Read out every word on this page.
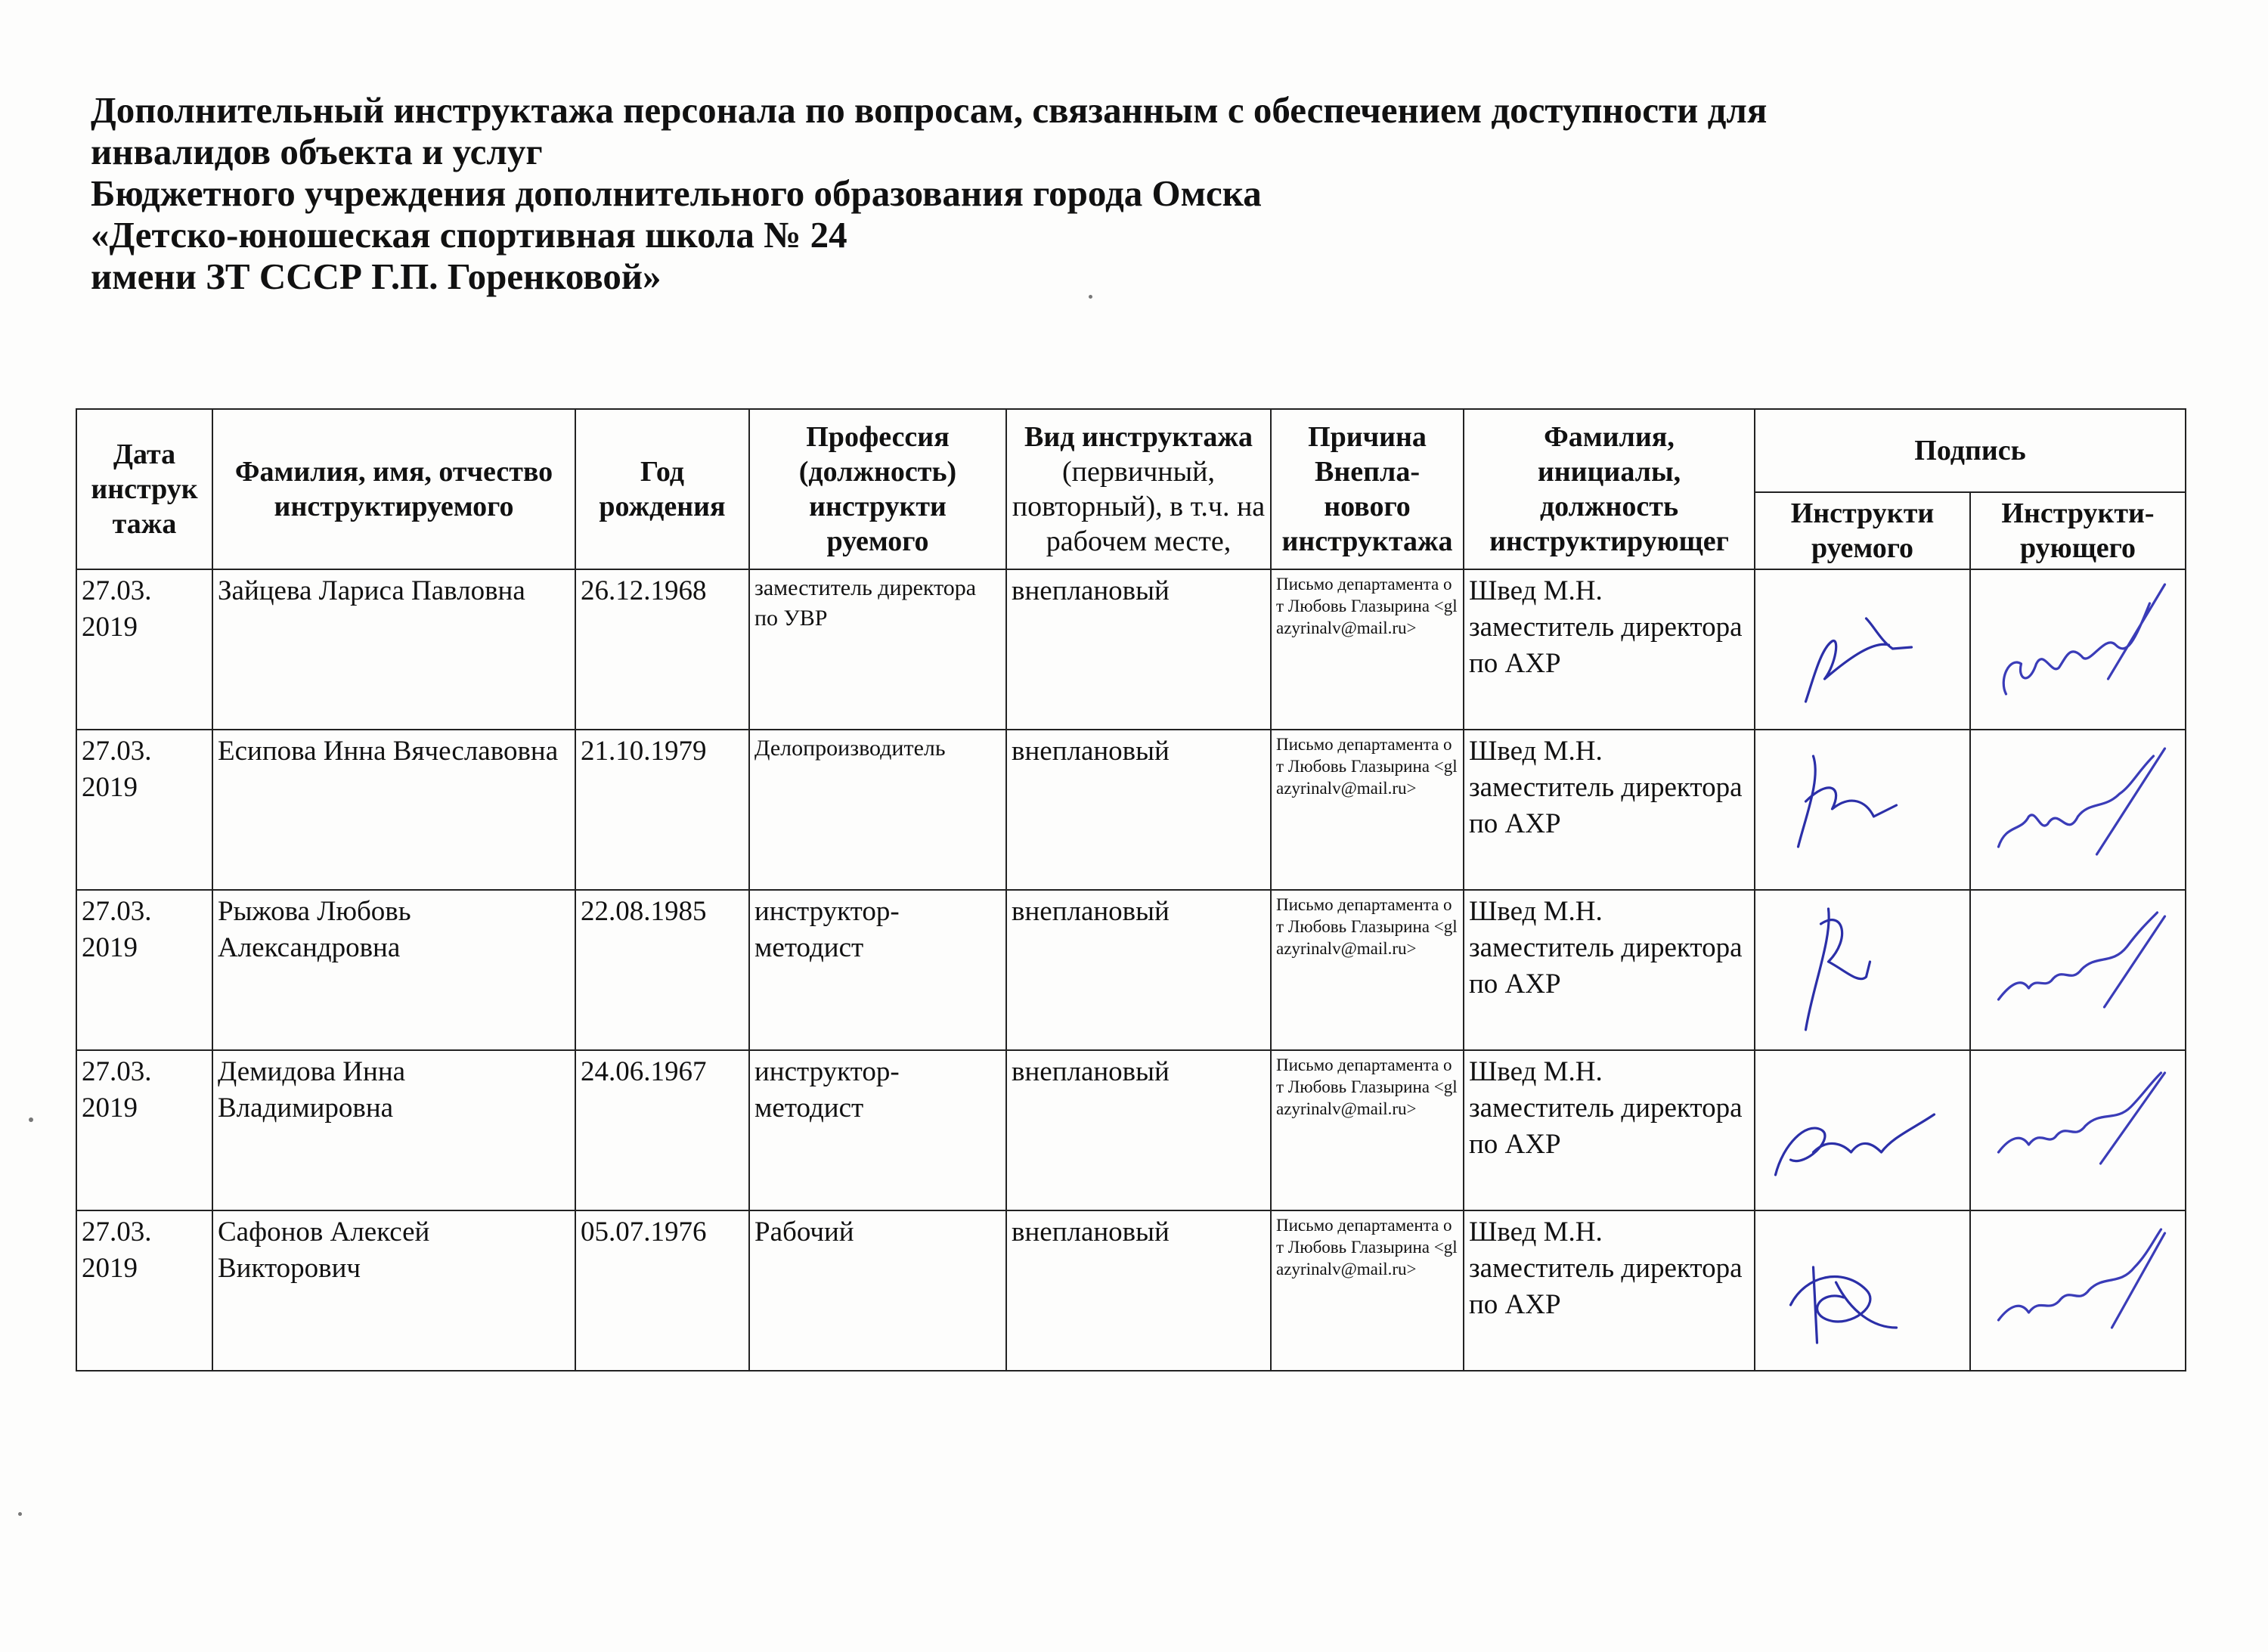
Дополнительный инструктажа персонала по вопросам, связанным с обеспечением доступности для
инвалидов объекта и услуг
Бюджетного учреждения дополнительного образования города Омска
«Детско-юношеская спортивная школа № 24
имени ЗТ СССР Г.П. Горенковой»
Дата инструк тажа	Фамилия, имя, отчество инструктируемого	Год рождения	Профессия (должность) инструкти руемого	Вид инструктажа (первичный, повторный), в т.ч. на рабочем месте,	Причина Внепла- нового инструктажа	Фамилия, инициалы, должность инструктирующег	Подпись	
							Инструкти руемого	Инструкти- рующего
27.03. 2019	Зайцева Лариса Павловна	26.12.1968	заместитель директора по УВР	внеплановый	Письмо департамента от Любовь Глазырина <glazyrinalv@mail.ru>	Швед М.Н. заместитель директора по АХР	

27.03. 2019	Есипова Инна Вячеславовна	21.10.1979	Делопроизводитель	внеплановый	Письмо департамента от Любовь Глазырина <glazyrinalv@mail.ru>	Швед М.Н. заместитель директора по АХР	

27.03. 2019	Рыжова Любовь Александровна	22.08.1985	инструктор-методист	внеплановый	Письмо департамента от Любовь Глазырина <glazyrinalv@mail.ru>	Швед М.Н. заместитель директора по АХР	

27.03. 2019	Демидова Инна Владимировна	24.06.1967	инструктор-методист	внеплановый	Письмо департамента от Любовь Глазырина <glazyrinalv@mail.ru>	Швед М.Н. заместитель директора по АХР	

27.03. 2019	Сафонов Алексей Викторович	05.07.1976	Рабочий	внеплановый	Письмо департамента от Любовь Глазырина <glazyrinalv@mail.ru>	Швед М.Н. заместитель директора по АХР	
